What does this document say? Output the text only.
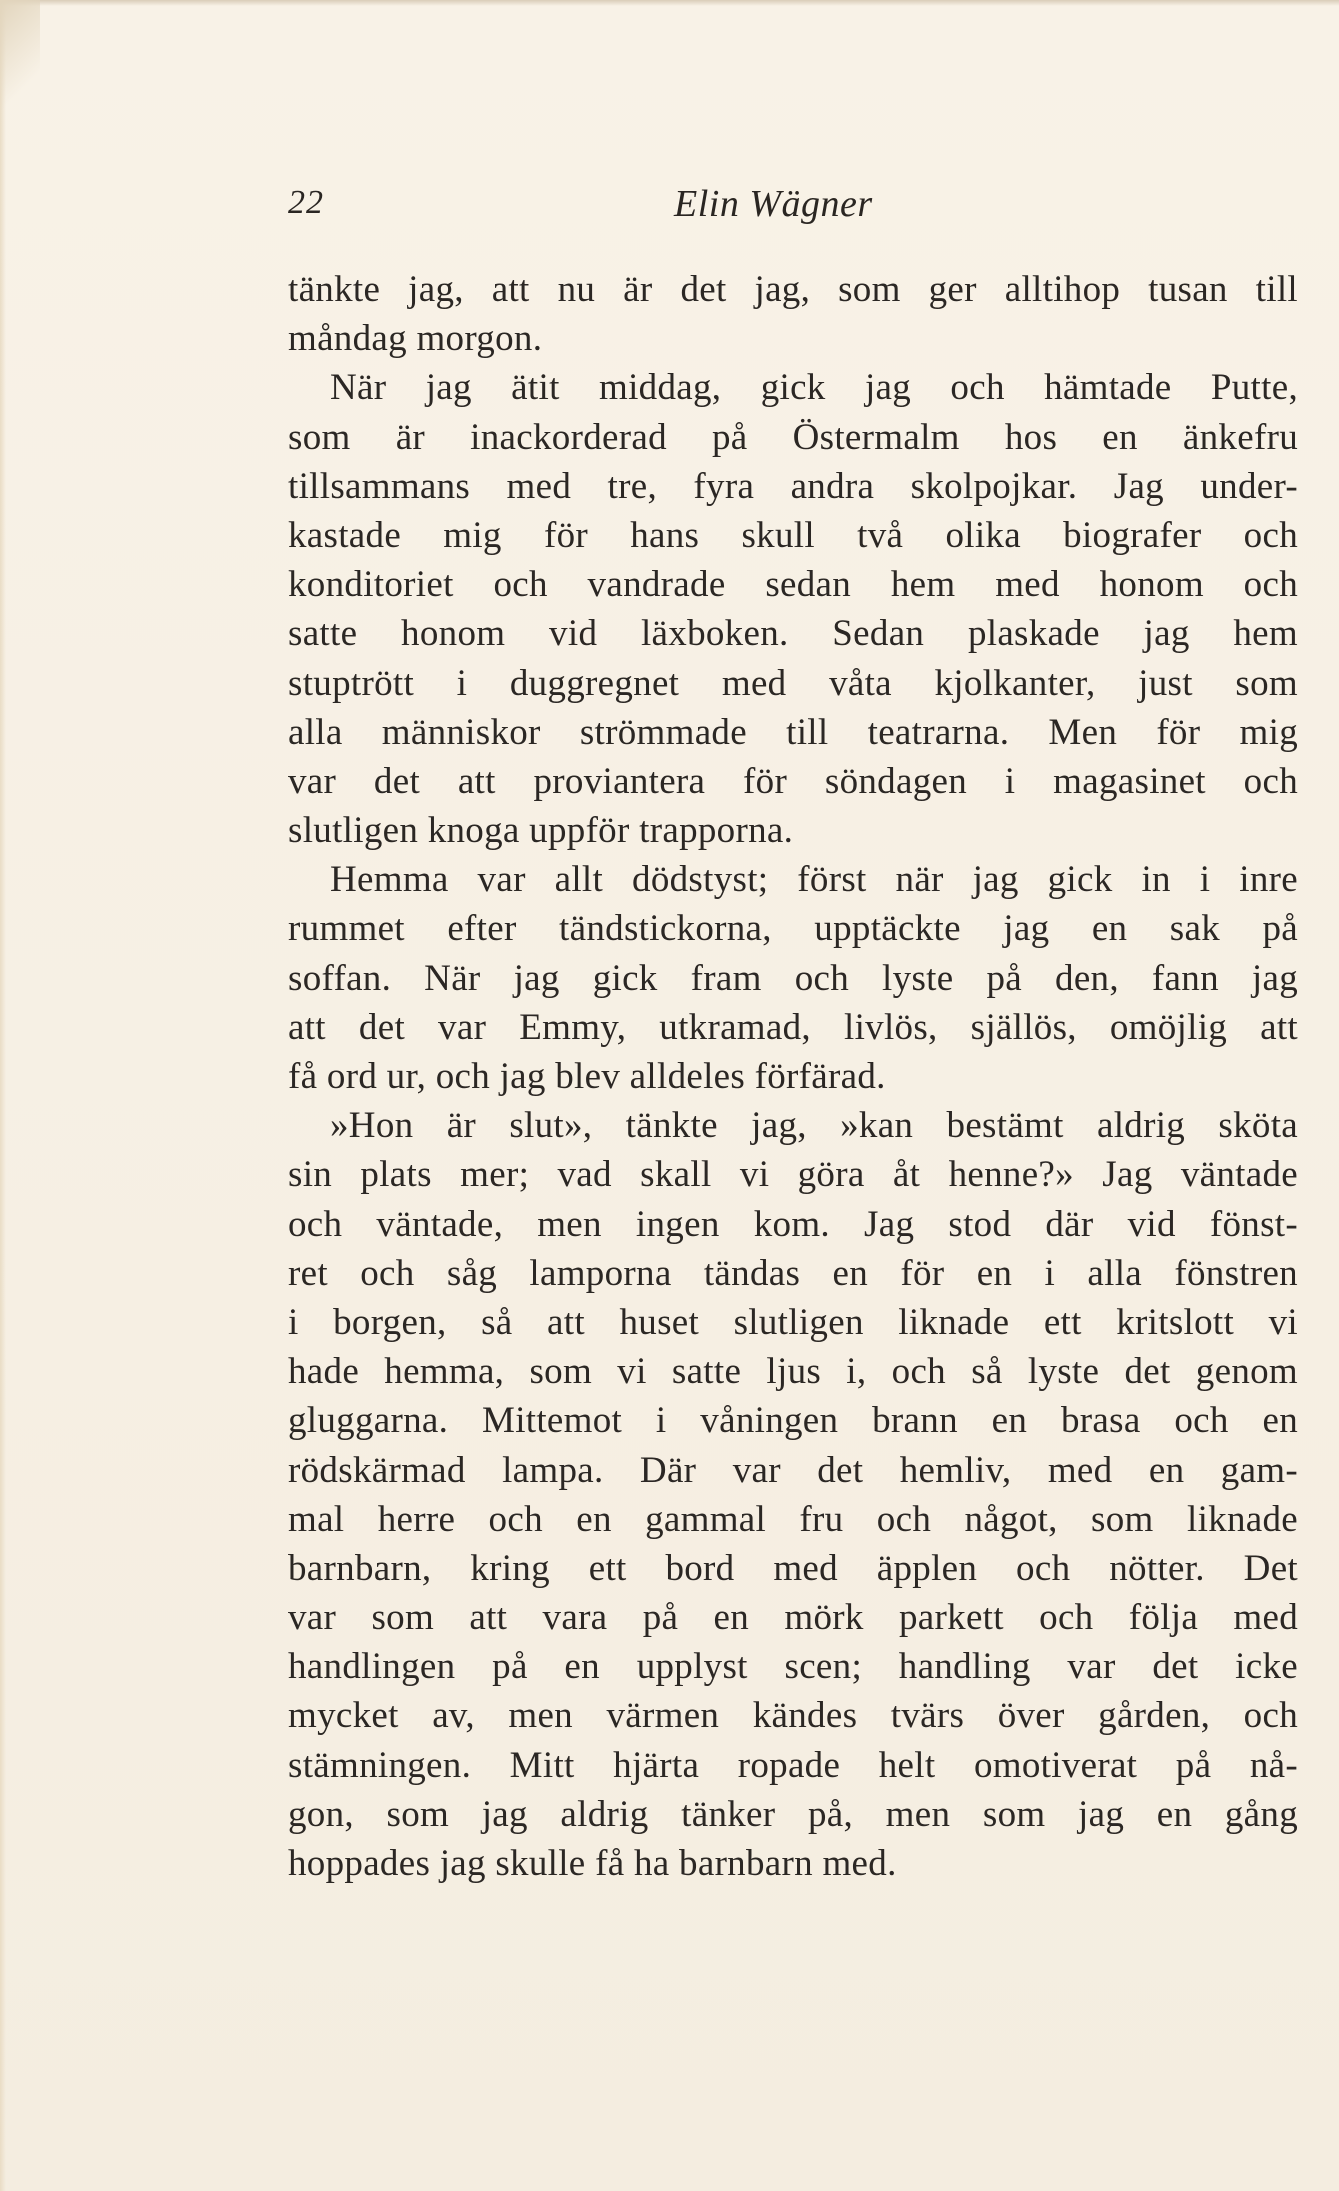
22	Elin Wägner
tänkte jag, att nu är det jag, som ger alltihop tusan till
måndag morgon.
När jag ätit middag, gick jag och hämtade Putte,
som är inackorderad på Östermalm hos en änkefru
tillsammans med tre, fyra andra skolpojkar. Jag under-
kastade mig för hans skull två olika biografer och
konditoriet och vandrade sedan hem med honom och
satte honom vid läxboken. Sedan plaskade jag hem
stuptrött i duggregnet med våta kjolkanter, just som
alla människor strömmade till teatrarna. Men för mig
var det att proviantera för söndagen i magasinet och
slutligen knoga uppför trapporna.
Hemma var allt dödstyst; först när jag gick in i inre
rummet efter tändstickorna, upptäckte jag en sak på
soffan. När jag gick fram och lyste på den, fann jag
att det var Emmy, utkramad, livlös, själlös, omöjlig att
få ord ur, och jag blev alldeles förfärad.
»Hon är slut», tänkte jag, »kan bestämt aldrig sköta
sin plats mer; vad skall vi göra åt henne?» Jag väntade
och väntade, men ingen kom. Jag stod där vid fönst-
ret och såg lamporna tändas en för en i alla fönstren
i borgen, så att huset slutligen liknade ett kritslott vi
hade hemma, som vi satte ljus i, och så lyste det genom
gluggarna. Mittemot i våningen brann en brasa och en
rödskärmad lampa. Där var det hemliv, med en gam-
mal herre och en gammal fru och något, som liknade
barnbarn, kring ett bord med äpplen och nötter. Det
var som att vara på en mörk parkett och följa med
handlingen på en upplyst scen; handling var det icke
mycket av, men värmen kändes tvärs över gården, och
stämningen. Mitt hjärta ropade helt omotiverat på nå-
gon, som jag aldrig tänker på, men som jag en gång
hoppades jag skulle få ha barnbarn med.
